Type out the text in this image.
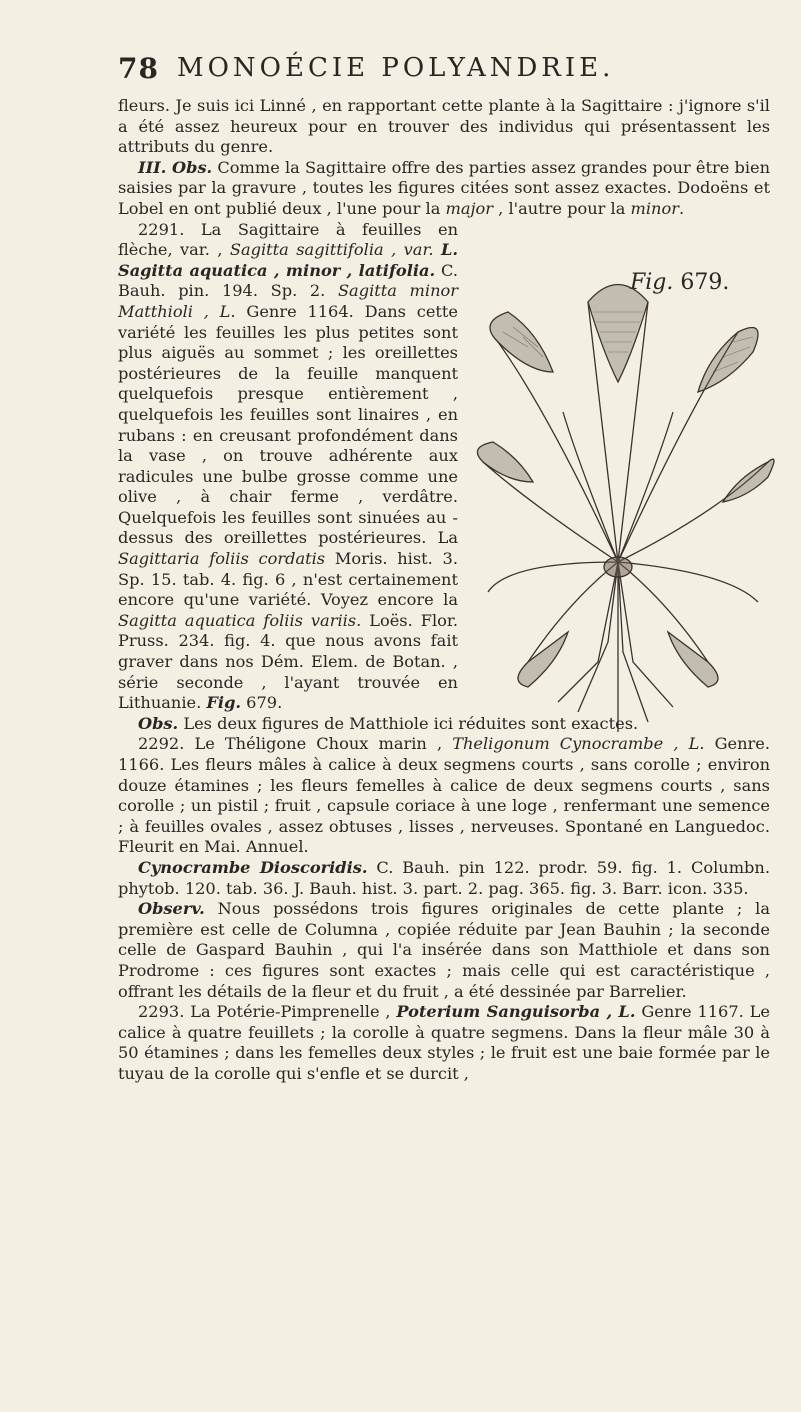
78 MONOÉCIE POLYANDRIE.
Fig. 679.

fleurs. Je suis ici Linné , en rapportant cette plante à la Sagittaire : j'ignore s'il a été assez heureux pour en trouver des individus qui présentassent les attributs du genre.

III. Obs. Comme la Sagittaire offre des parties assez grandes pour être bien saisies par la gravure , toutes les figures citées sont assez exactes. Dodoëns et Lobel en ont publié deux , l'une pour la major , l'autre pour la minor.

2291. La Sagittaire à feuilles en flèche, var. , Sagitta sagittifolia , var. L. Sagitta aquatica , minor , latifolia. C. Bauh. pin. 194. Sp. 2. Sagitta minor Matthioli , L. Genre 1164. Dans cette variété les feuilles les plus petites sont plus aiguës au sommet ; les oreillettes postérieures de la feuille manquent quelquefois presque entièrement , quelquefois les feuilles sont linaires , en rubans : en creusant profondément dans la vase , on trouve adhérente aux radicules une bulbe grosse comme une olive , à chair ferme , verdâtre. Quelquefois les feuilles sont sinuées au - dessus des oreillettes postérieures. La Sagittaria foliis cordatis Moris. hist. 3. Sp. 15. tab. 4. fig. 6 , n'est certainement encore qu'une variété. Voyez encore la Sagitta aquatica foliis variis. Loës. Flor. Pruss. 234. fig. 4. que nous avons fait graver dans nos Dém. Elem. de Botan. , série seconde , l'ayant trouvée en Lithuanie. Fig. 679.

Obs. Les deux figures de Matthiole ici réduites sont exactes.

2292. Le Théligone Choux marin , Theligonum Cynocrambe , L. Genre. 1166. Les fleurs mâles à calice à deux segmens courts , sans corolle ; environ douze étamines ; les fleurs femelles à calice de deux segmens courts , sans corolle ; un pistil ; fruit , capsule coriace à une loge , renfermant une semence ; à feuilles ovales , assez obtuses , lisses , nerveuses. Spontané en Languedoc. Fleurit en Mai. Annuel.

Cynocrambe Dioscoridis. C. Bauh. pin 122. prodr. 59. fig. 1. Columbn. phytob. 120. tab. 36. J. Bauh. hist. 3. part. 2. pag. 365. fig. 3. Barr. icon. 335.

Observ. Nous possédons trois figures originales de cette plante ; la première est celle de Columna , copiée réduite par Jean Bauhin ; la seconde celle de Gaspard Bauhin , qui l'a insérée dans son Matthiole et dans son Prodrome : ces figures sont exactes ; mais celle qui est caractéristique , offrant les détails de la fleur et du fruit , a été dessinée par Barrelier.

2293. La Potérie-Pimprenelle , Poterium Sanguisorba , L. Genre 1167. Le calice à quatre feuillets ; la corolle à quatre segmens. Dans la fleur mâle 30 à 50 étamines ; dans les femelles deux styles ; le fruit est une baie formée par le tuyau de la corolle qui s'enfle et se durcit ,
